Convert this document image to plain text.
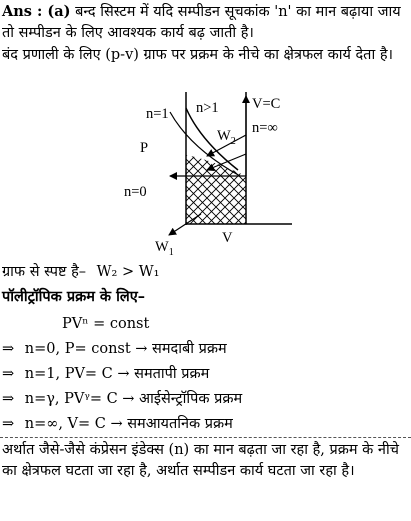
Ans : (a) बन्द सिस्टम में यदि सम्पीडन सूचकांक 'n' का मान बढ़ाया जाय तो सम्पीडन के लिए आवश्यक कार्य बढ़ जाती है।

बंद प्रणाली के लिए (p-v) ग्राफ पर प्रक्रम के नीचे का क्षेत्रफल कार्य देता है।

P
V
n=1 n>1 V=C
n=∞
$W_2$
n=0
$W_1$
ग्राफ से स्पष्ट है– W₂ > W₁
पॉलीट्रॉपिक प्रक्रम के लिए–
PVⁿ = const
⇒ n=0, P= const → समदाबी प्रक्रम
⇒ n=1, PV= C → समतापी प्रक्रम
⇒ n=γ, PVᵞ= C → आईसेन्ट्रॉपिक प्रक्रम
⇒ n=∞, V= C → समआयतनिक प्रक्रम

अर्थात जैसे-जैसे कंप्रेसन इंडेक्स (n) का मान बढ़ता जा रहा है, प्रक्रम के नीचे का क्षेत्रफल घटता जा रहा है, अर्थात सम्पीडन कार्य घटता जा रहा है।
